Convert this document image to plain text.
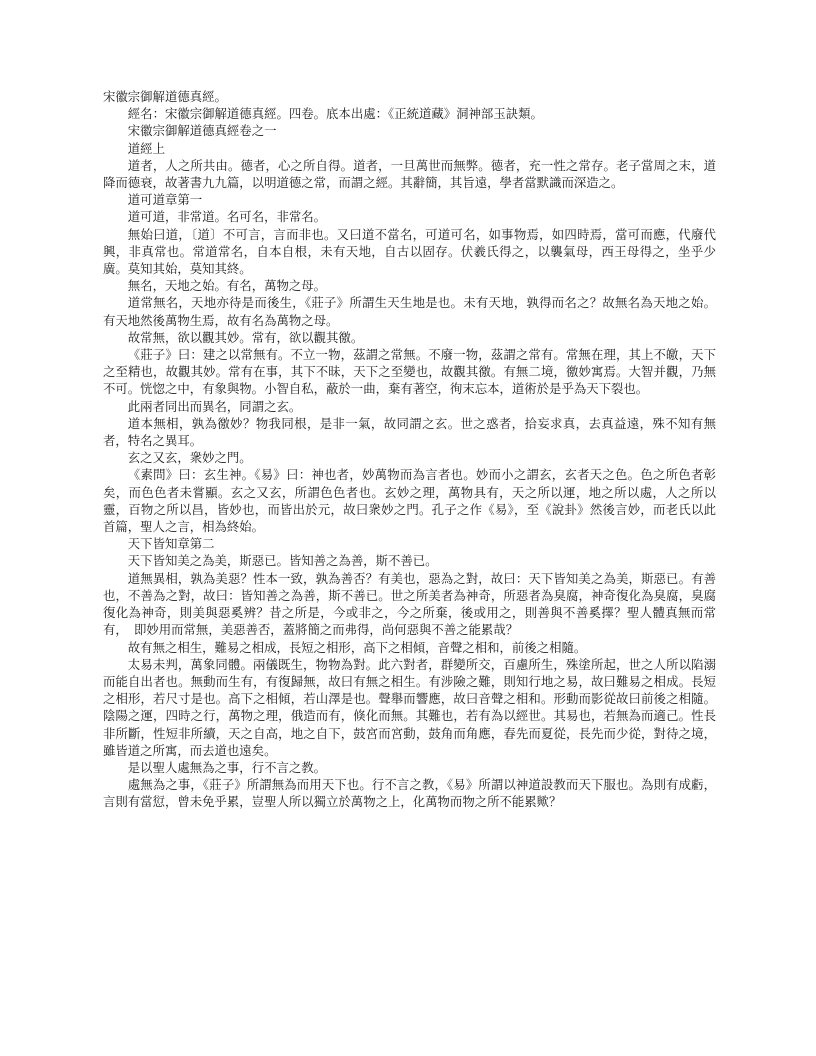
宋徽宗御解道德真經。

經名：宋徽宗御解道德真經。四卷。底本出處：《正統道藏》洞神部玉訣類。

宋徽宗御解道德真經卷之一

道經上

道者，人之所共由。德者，心之所自得。道者，一旦萬世而無弊。德者，充一性之常存。老子當周之末，道降而德衰，故著書九九篇，以明道德之常，而謂之經。其辭簡，其旨遠，學者當默識而深造之。

道可道章第一

道可道，非常道。名可名，非常名。

無始曰道，〔道〕不可言，言而非也。又曰道不當名，可道可名，如事物焉，如四時焉，當可而應，代廢代興，非真常也。常道常名，自本自根，未有天地，自古以固存。伏羲氏得之，以襲氣母，西王母得之，坐乎少廣。莫知其始，莫知其終。

無名，天地之始。有名，萬物之母。

道常無名，天地亦待是而後生，《莊子》所謂生天生地是也。未有天地，孰得而名之？故無名為天地之始。有天地然後萬物生焉，故有名為萬物之母。

故常無，欲以觀其妙。常有，欲以觀其徼。

《莊子》曰：建之以常無有。不立一物，茲謂之常無。不廢一物，茲謂之常有。常無在理，其上不皦，天下之至精也，故觀其妙。常有在事，其下不昧，天下之至變也，故觀其徼。有無二境，徼妙寓焉。大智并觀，乃無不可。恍惚之中，有象與物。小智自私，蔽於一曲，棄有著空，徇末忘本，道術於是乎為天下裂也。

此兩者同出而異名，同謂之玄。

道本無相，孰為徼妙？物我同根，是非一氣，故同謂之玄。世之惑者，拾妄求真，去真益遠，殊不知有無者，特名之異耳。

玄之又玄，衆妙之門。

《素問》曰：玄生神。《易》曰：神也者，妙萬物而為言者也。妙而小之謂玄，玄者天之色。色之所色者彰矣，而色色者未嘗顯。玄之又玄，所謂色色者也。玄妙之理，萬物具有，天之所以運，地之所以處，人之所以靈，百物之所以昌，皆妙也，而皆出於元，故曰衆妙之門。孔子之作《易》，至《說卦》然後言妙，而老氏以此首篇，聖人之言，相為終始。

天下皆知章第二

天下皆知美之為美，斯惡已。皆知善之為善，斯不善已。

道無異相，孰為美惡？性本一致，孰為善否？有美也，惡為之對，故曰：天下皆知美之為美，斯惡已。有善也，不善為之對，故曰：皆知善之為善，斯不善已。世之所美者為神奇，所惡者為臭腐，神奇復化為臭腐，臭腐復化為神奇，則美與惡奚辨？昔之所是，今或非之，今之所棄，後或用之，則善與不善奚擇？聖人體真無而常有，　即妙用而常無，美惡善否，蓋將簡之而弗得，尚何惡與不善之能累哉？

故有無之相生，難易之相成，長短之相形，高下之相傾，音聲之相和，前後之相隨。

太易未判，萬象同體。兩儀既生，物物為對。此六對者，群變所交，百慮所生，殊塗所起，世之人所以陷溺而能自出者也。無動而生有，有復歸無，故曰有無之相生。有涉險之難，則知行地之易，故曰難易之相成。長短之相形，若尺寸是也。高下之相傾，若山澤是也。聲舉而響應，故曰音聲之相和。形動而影從故曰前後之相隨。陰陽之運，四時之行，萬物之理，俄造而有，倏化而無。其難也，若有為以經世。其易也，若無為而適己。性長非所斷，性短非所續，天之自高，地之自下，鼓宮而宮動，鼓角而角應，春先而夏從，長先而少從，對待之境，雖皆道之所寓，而去道也遠矣。

是以聖人處無為之事，行不言之教。

處無為之事，《莊子》所謂無為而用天下也。行不言之教，《易》所謂以神道設教而天下服也。為則有成虧，言則有當愆，曾未免乎累，豈聖人所以獨立於萬物之上，化萬物而物之所不能累歟？
